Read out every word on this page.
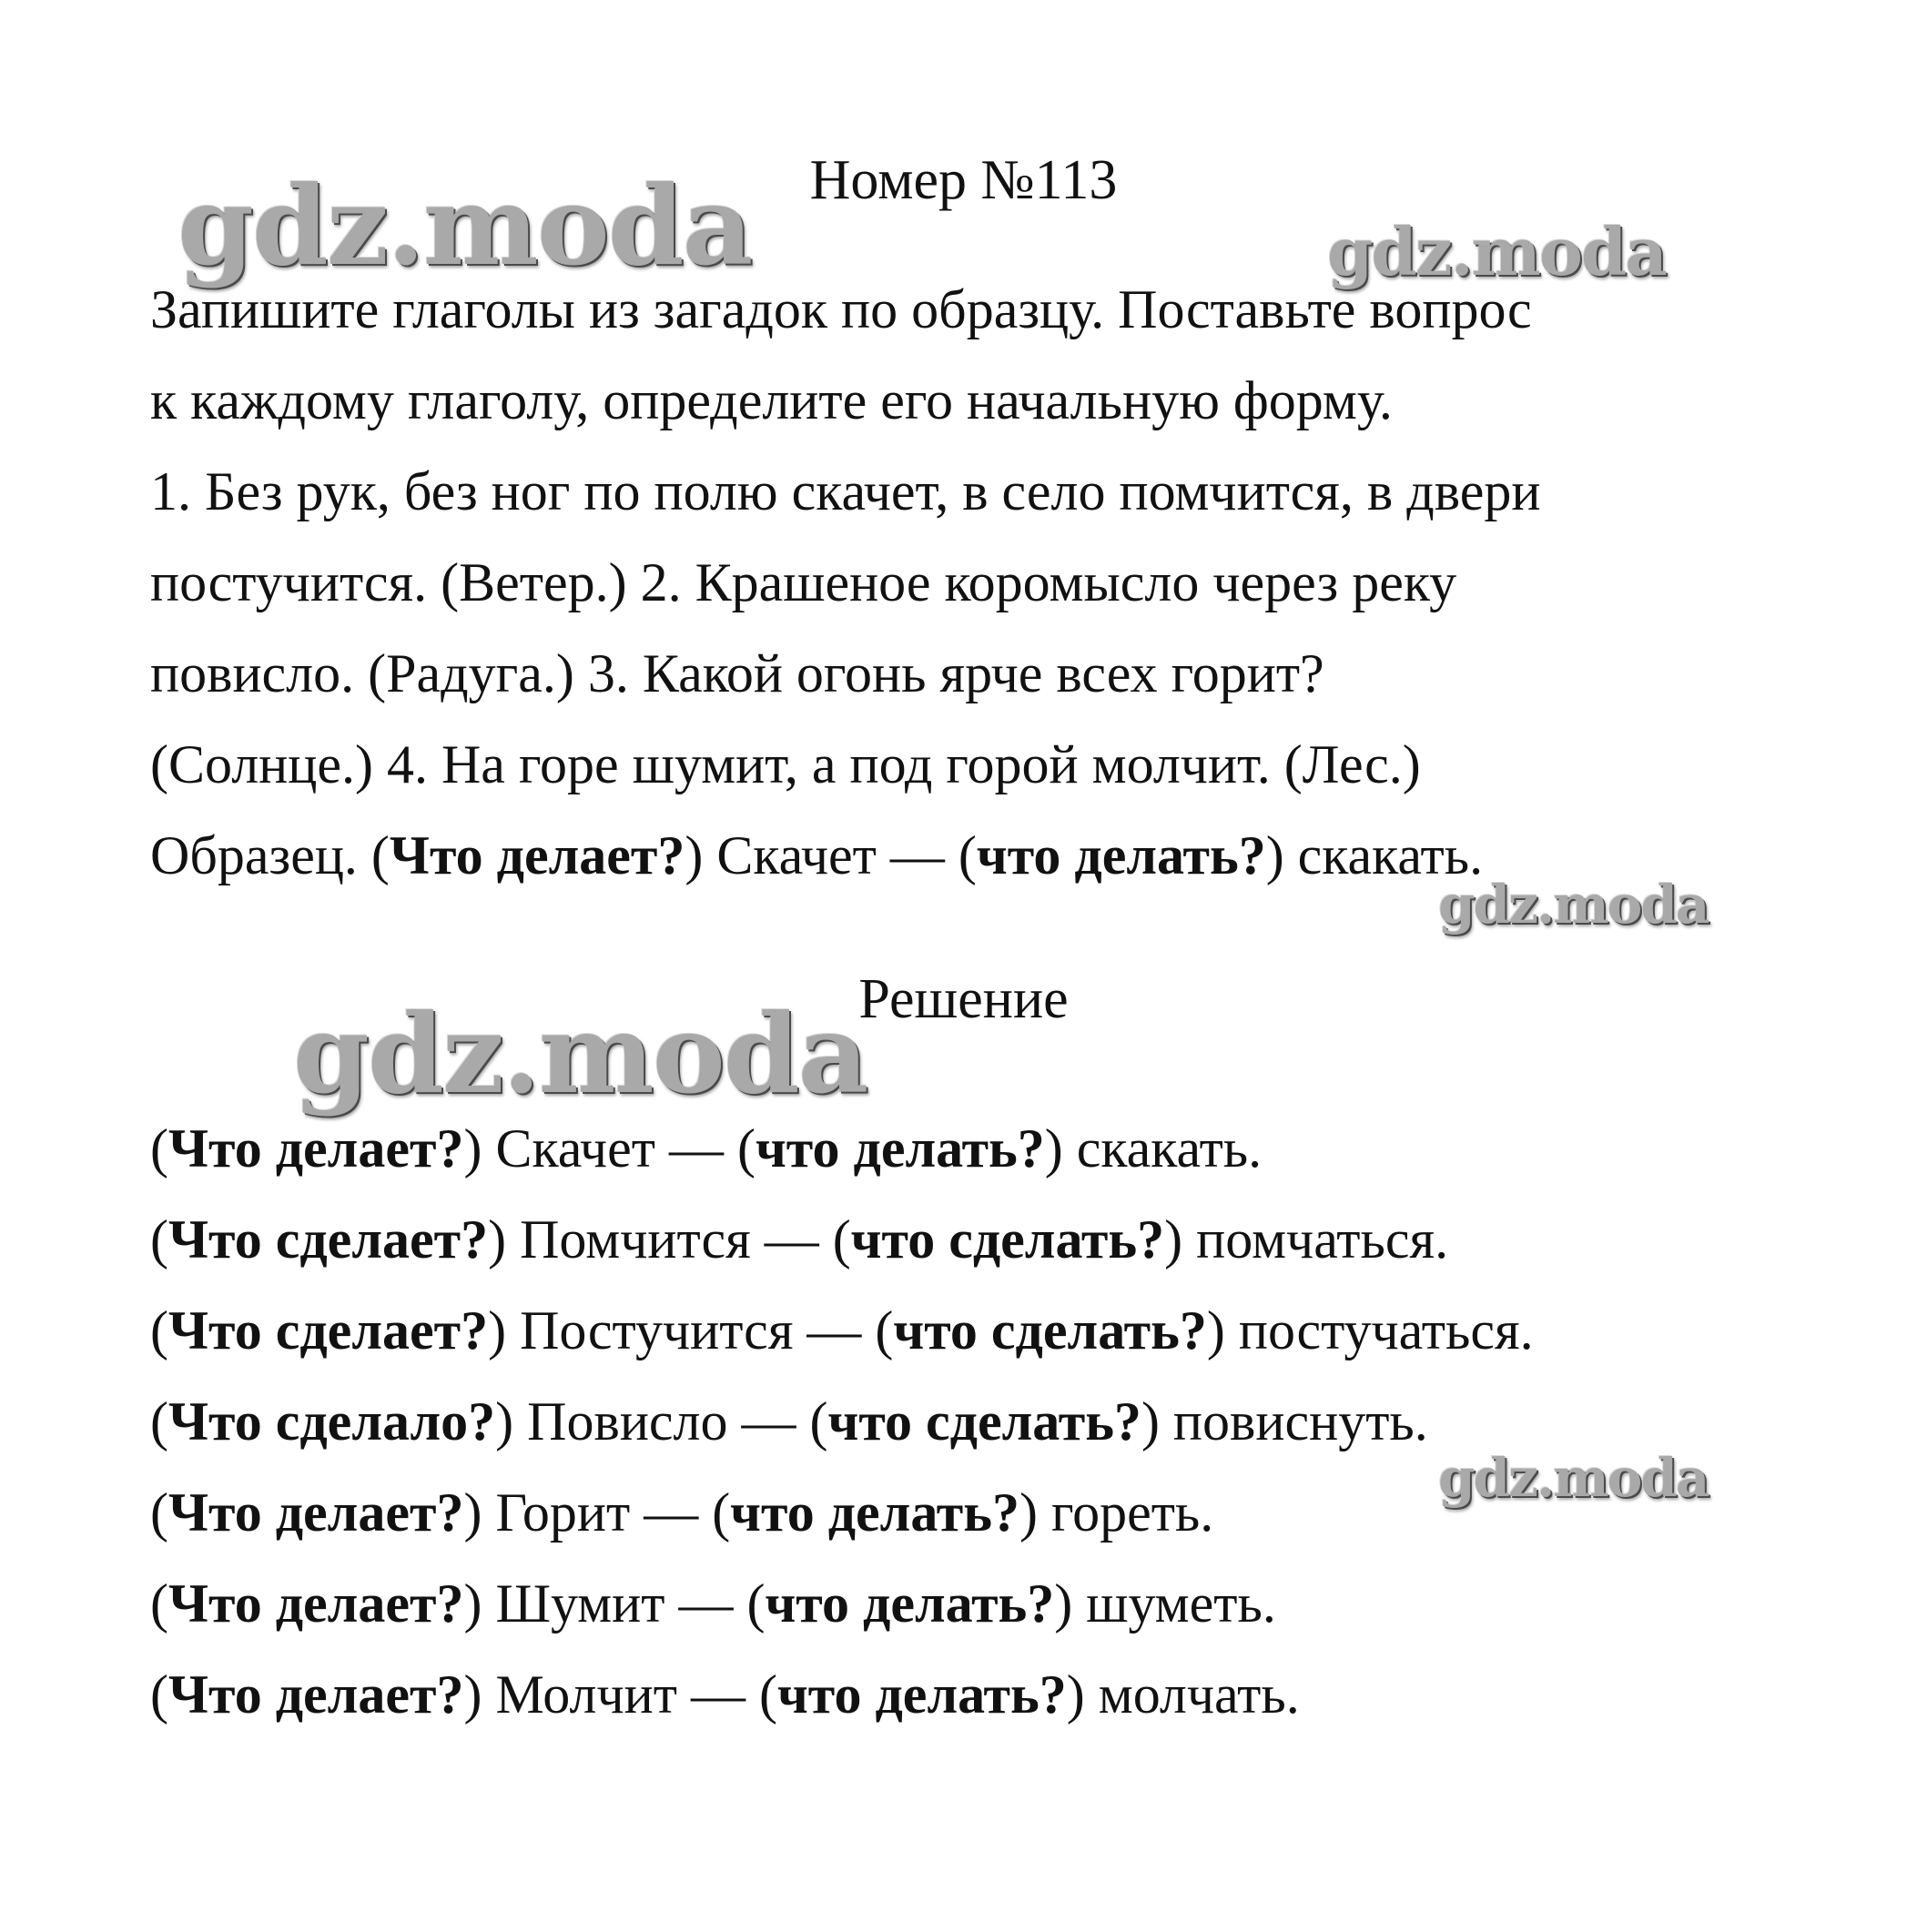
Номер №113
Запишите глаголы из загадок по образцу. Поставьте вопрос
к каждому глаголу, определите его начальную форму.
1. Без рук, без ног по полю скачет, в село помчится, в двери
постучится. (Ветер.) 2. Крашеное коромысло через реку
повисло. (Радуга.) 3. Какой огонь ярче всех горит?
(Солнце.) 4. На горе шумит, а под горой молчит. (Лес.)
Образец. (Что делает?) Скачет — (что делать?) скакать.
Решение
(Что делает?) Скачет — (что делать?) скакать.
(Что сделает?) Помчится — (что сделать?) помчаться.
(Что сделает?) Постучится — (что сделать?) постучаться.
(Что сделало?) Повисло — (что сделать?) повиснуть.
(Что делает?) Горит — (что делать?) гореть.
(Что делает?) Шумит — (что делать?) шуметь.
(Что делает?) Молчит — (что делать?) молчать.
gdz.moda	gdz.moda
gdz.moda
gdz.moda
gdz.moda
